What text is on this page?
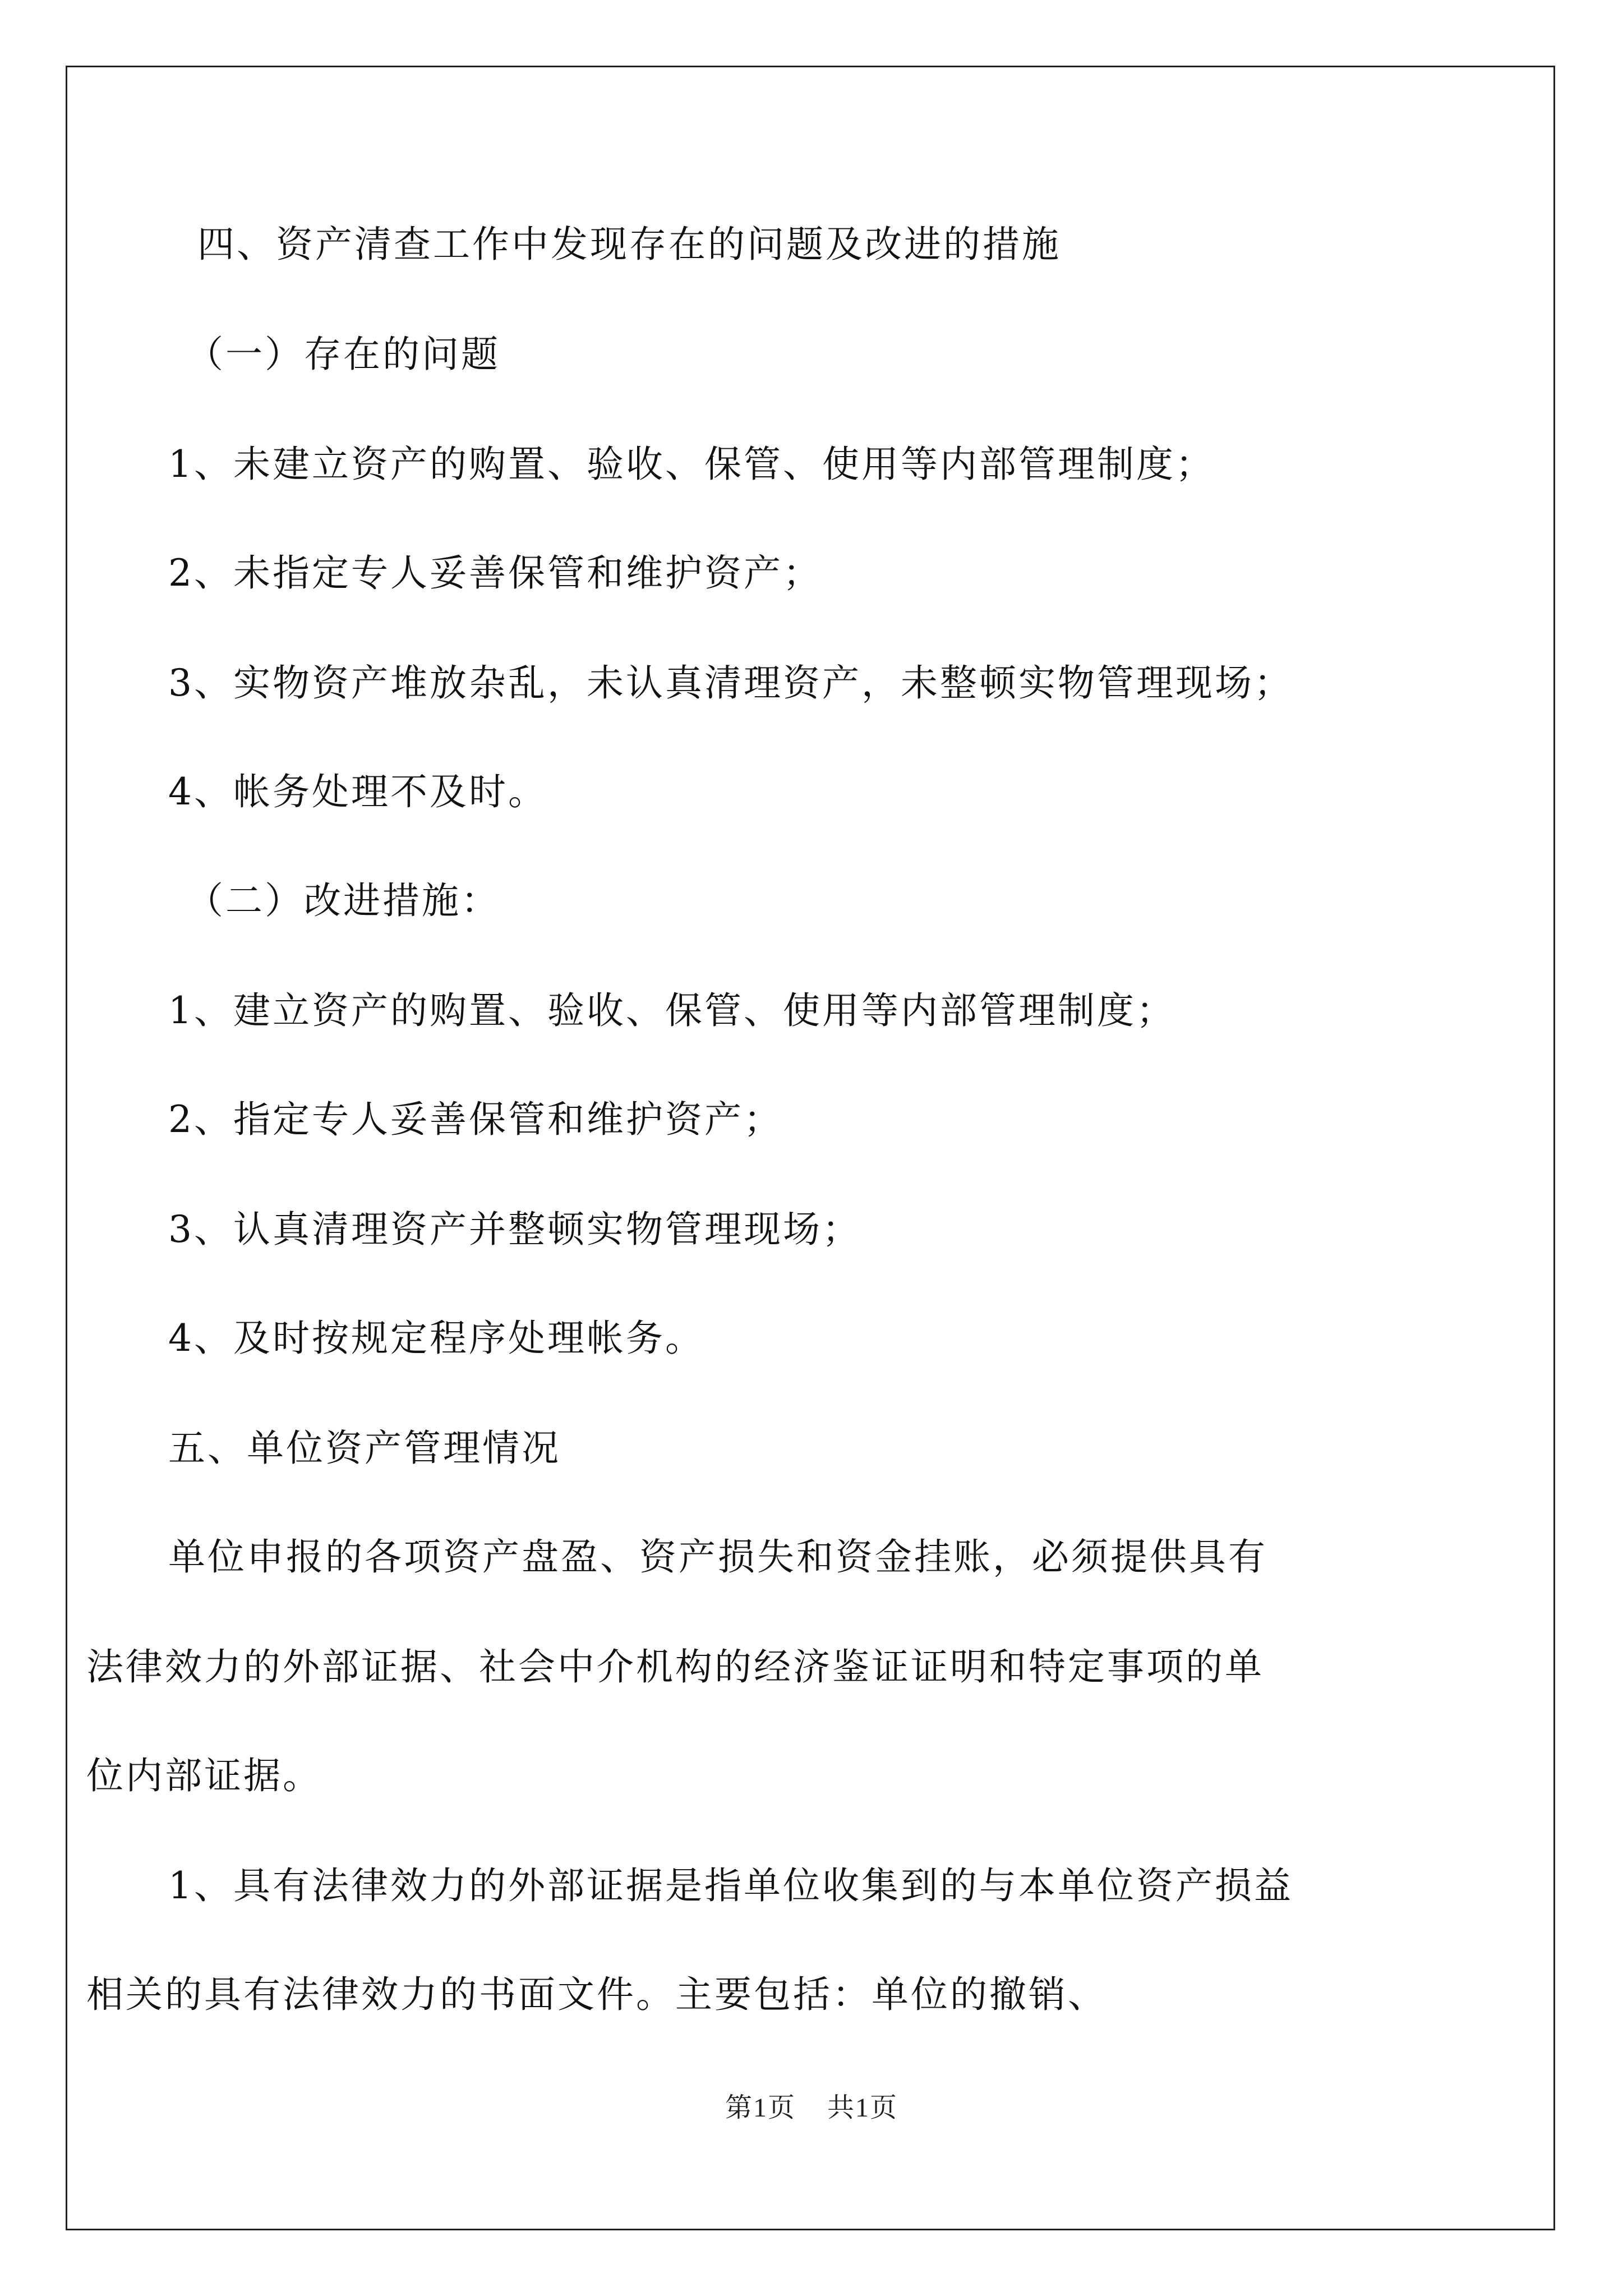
四、资产清查工作中发现存在的问题及改进的措施
（一）存在的问题
1、未建立资产的购置、验收、保管、使用等内部管理制度；
2、未指定专人妥善保管和维护资产；
3、实物资产堆放杂乱，未认真清理资产，未整顿实物管理现场；
4、帐务处理不及时。
（二）改进措施：
1、建立资产的购置、验收、保管、使用等内部管理制度；
2、指定专人妥善保管和维护资产；
3、认真清理资产并整顿实物管理现场；
4、及时按规定程序处理帐务。
五、单位资产管理情况
单位申报的各项资产盘盈、资产损失和资金挂账，必须提供具有
法律效力的外部证据、社会中介机构的经济鉴证证明和特定事项的单
位内部证据。
1、具有法律效力的外部证据是指单位收集到的与本单位资产损益
相关的具有法律效力的书面文件。主要包括：单位的撤销、
第1页 共1页
